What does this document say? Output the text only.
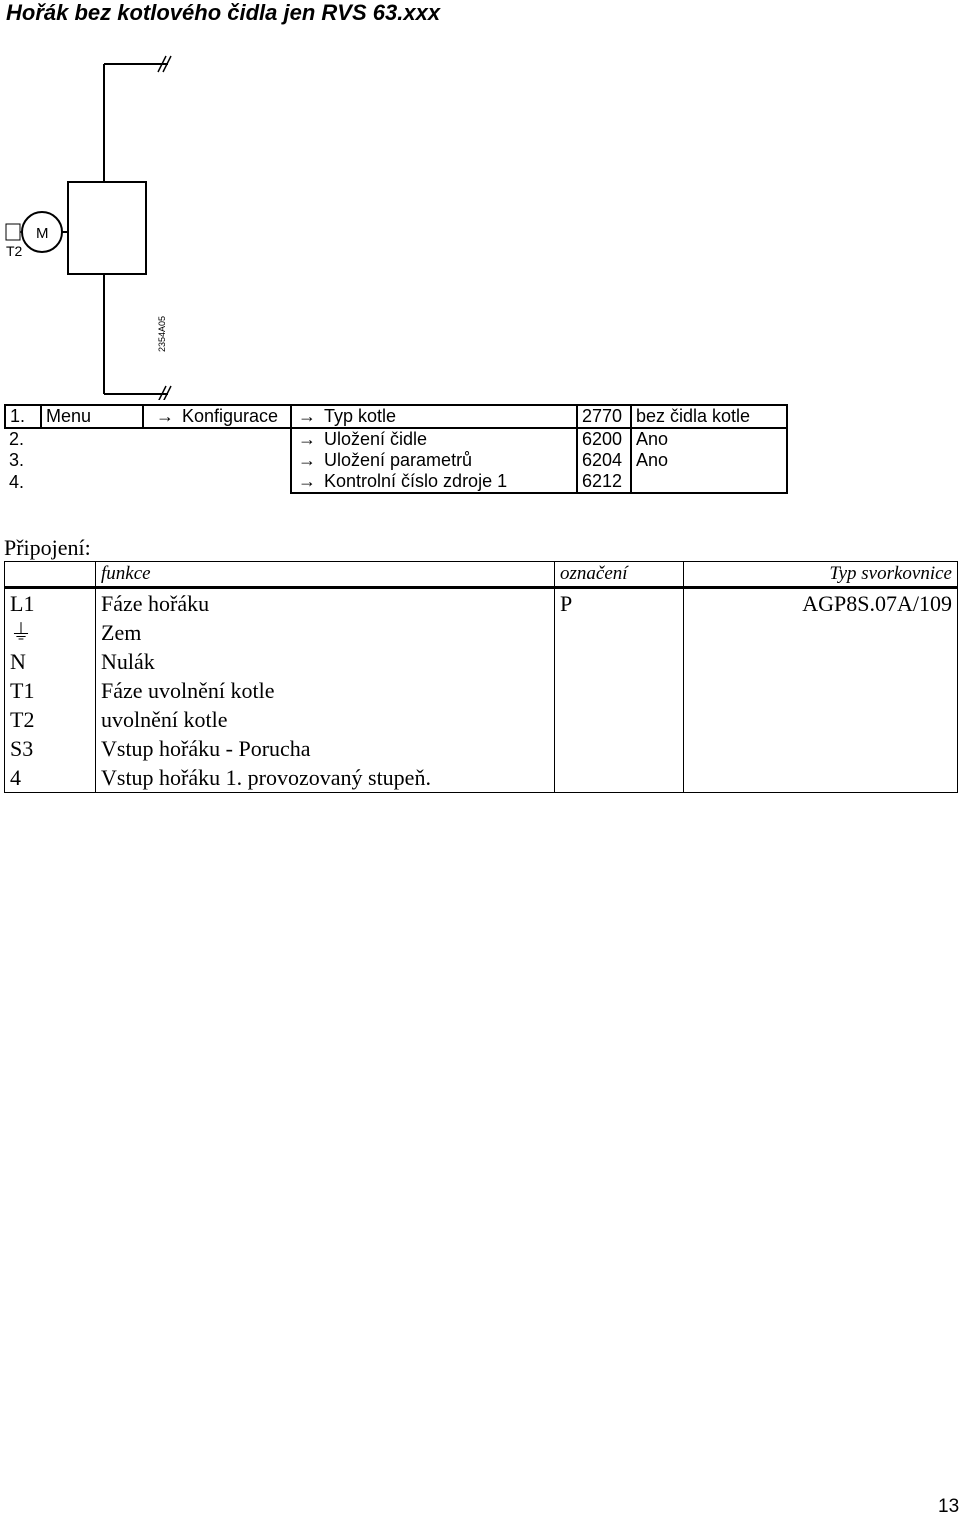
Hořák bez kotlového čidla jen RVS 63.xxx
M
T2
2354A05
1.	Menu	→	Konfigurace	→	Typ kotle	2770	bez čidla kotle
2.				→	Uložení čidle	6200	Ano
3.				→	Uložení parametrů	6204	Ano
4.				→	Kontrolní číslo zdroje 1	6212	
Připojení:
	funkce	označení	Typ svorkovnice
L1	Fáze hořáku	P	AGP8S.07A/109
⏚	Zem		
N	Nulák		
T1	Fáze uvolnění kotle		
T2	uvolnění kotle		
S3	Vstup hořáku - Porucha		
4	Vstup hořáku 1. provozovaný stupeň.		
13
